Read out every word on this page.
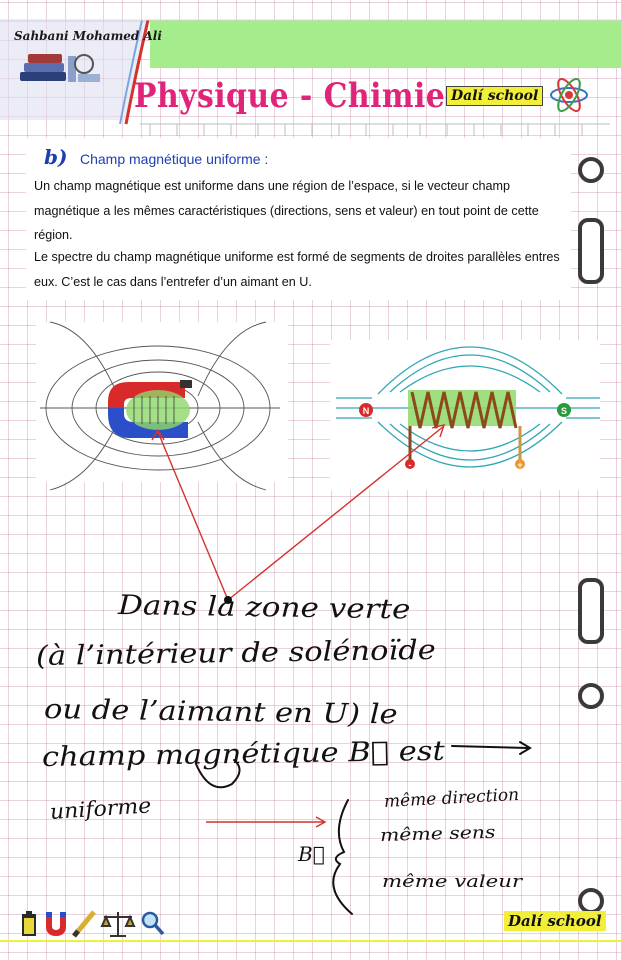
Sahbani Mohamed Ali
Physique - Chimie Dalí school
b) Champ magnétique uniforme :
Un champ magnétique est uniforme dans une région de l’espace, si le vecteur champ magnétique a les mêmes caractéristiques (directions, sens et valeur) en tout point de cette région.
Le spectre du champ magnétique uniforme est formé de segments de droites parallèles entres eux. C’est le cas dans l’entrefer d’un aimant en U.
N	S
-	+
Dans la zone verte
(à l’intérieur de solénoïde
ou de l’aimant en U) le
champ magnétique B⃗ est
uniforme
B⃗
même direction
même sens
même valeur
Dalí school
